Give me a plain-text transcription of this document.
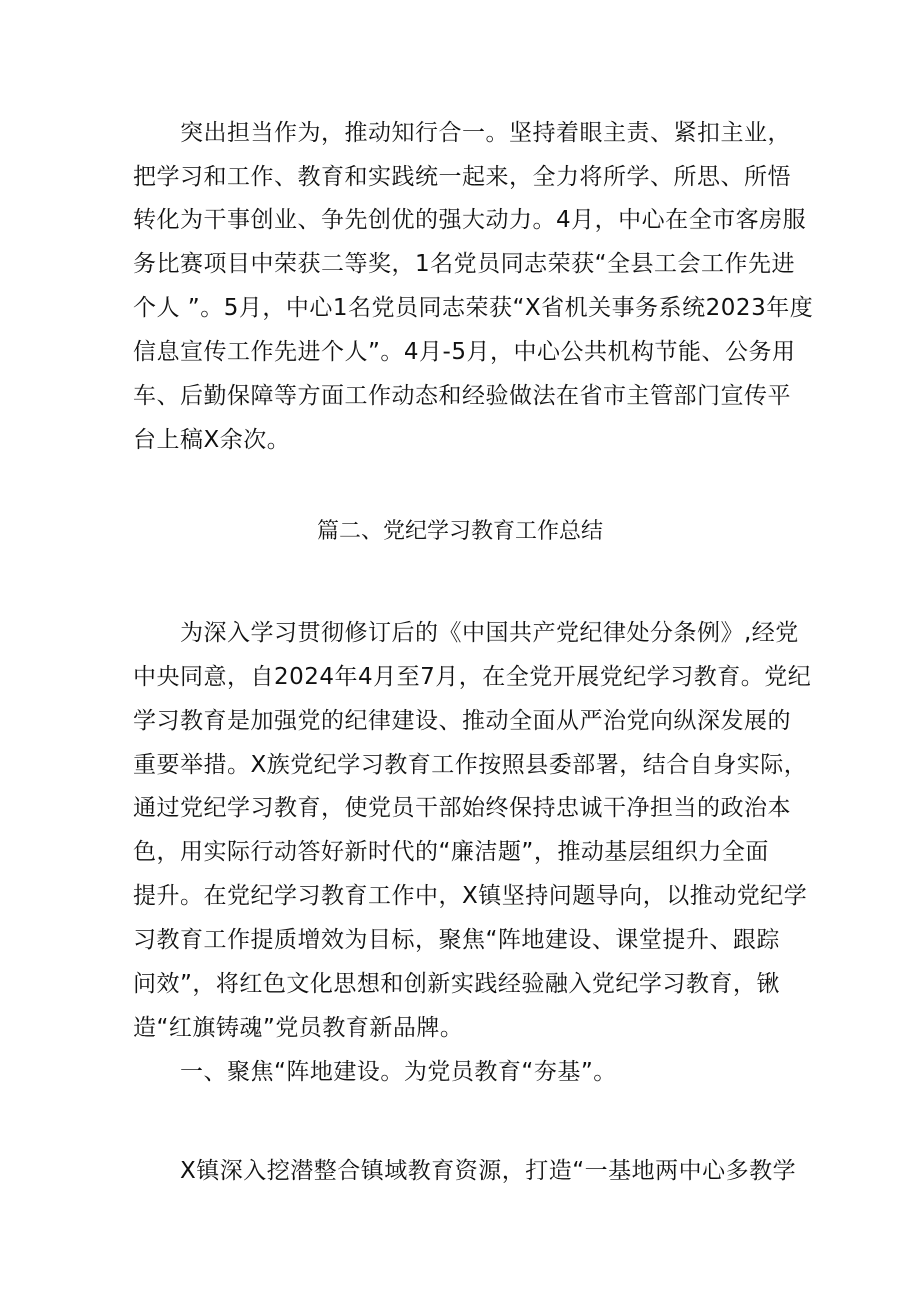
突出担当作为，推动知行合一。坚持着眼主责、紧扣主业，
把学习和工作、教育和实践统一起来，全力将所学、所思、所悟
转化为干事创业、争先创优的强大动力。4月，中心在全市客房服
务比赛项目中荣获二等奖，1名党员同志荣获“全县工会工作先进
个人 ”。5月，中心1名党员同志荣获“X省机关事务系统2023年度
信息宣传工作先进个人”。4月-5月，中心公共机构节能、公务用
车、后勤保障等方面工作动态和经验做法在省市主管部门宣传平
台上稿X余次。
篇二、党纪学习教育工作总结
为深入学习贯彻修订后的《中国共产党纪律处分条例》,经党
中央同意，自2024年4月至7月，在全党开展党纪学习教育。党纪
学习教育是加强党的纪律建设、推动全面从严治党向纵深发展的
重要举措。X族党纪学习教育工作按照县委部署，结合自身实际，
通过党纪学习教育，使党员干部始终保持忠诚干净担当的政治本
色，用实际行动答好新时代的“廉洁题”，推动基层组织力全面
提升。在党纪学习教育工作中，X镇坚持问题导向，以推动党纪学
习教育工作提质增效为目标，聚焦“阵地建设、课堂提升、跟踪
问效”，将红色文化思想和创新实践经验融入党纪学习教育，锹
造“红旗铸魂”党员教育新品牌。
一、聚焦“阵地建设。为党员教育“夯基”。
X镇深入挖潜整合镇域教育资源，打造“一基地两中心多教学
